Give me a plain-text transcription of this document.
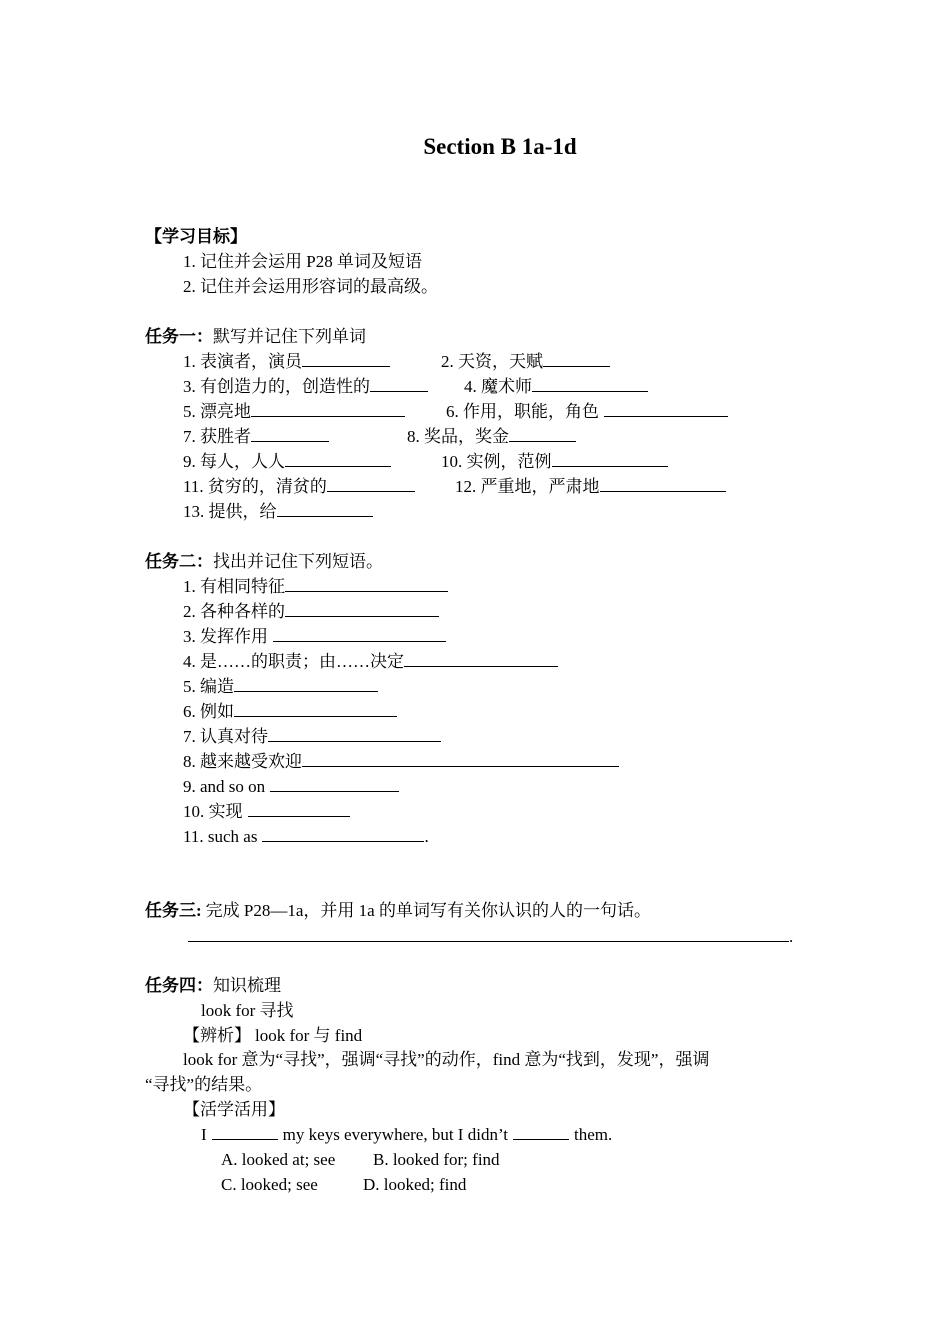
Section B 1a-1d
【学习目标】
1. 记住并会运用 P28 单词及短语
2. 记住并会运用形容词的最高级。
任务一：默写并记住下列单词
1. 表演者，演员	2. 天资，天赋
3. 有创造力的，创造性的	4. 魔术师
5. 漂亮地	6. 作用，职能，角色
7. 获胜者	8. 奖品，奖金
9. 每人，人人	10. 实例，范例
11. 贫穷的，清贫的	12. 严重地，严肃地
13. 提供，给
任务二：找出并记住下列短语。
1. 有相同特征
2. 各种各样的
3. 发挥作用
4. 是……的职责；由……决定
5. 编造
6. 例如
7. 认真对待
8. 越来越受欢迎
9. and so on
10. 实现
11. such as	.
任务三: 完成 P28—1a，并用 1a 的单词写有关你认识的人的一句话。
.
任务四：知识梳理
look for 寻找
【辨析】 look for 与 find
look for 意为“寻找”，强调“寻找”的动作，find 意为“找到，发现”，强调
“寻找”的结果。
【活学活用】
I	my keys everywhere, but I didn’t	them.
A. looked at; see B. looked for; find
C. looked; see	D. looked; find
